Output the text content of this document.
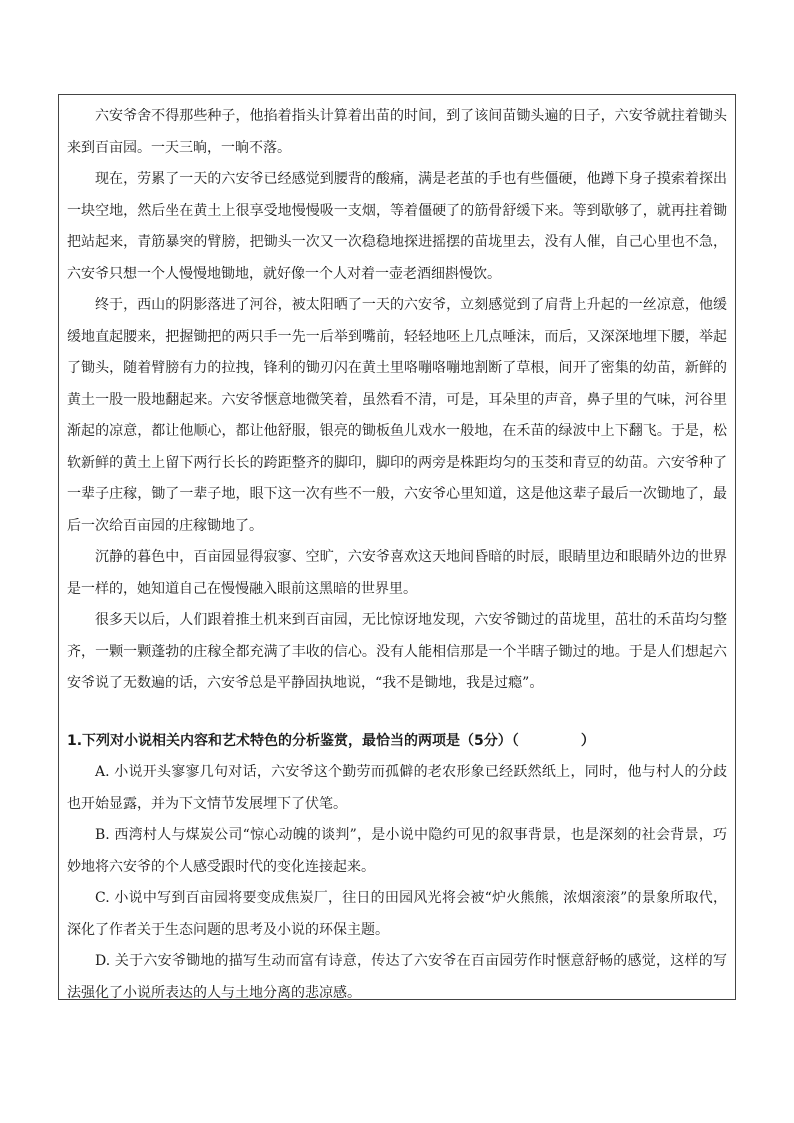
六安爷舍不得那些种子，他掐着指头计算着出苗的时间，到了该间苗锄头遍的日子，六安爷就拄着锄头来到百亩园。一天三晌，一晌不落。

现在，劳累了一天的六安爷已经感觉到腰背的酸痛，满是老茧的手也有些僵硬，他蹲下身子摸索着探出一块空地，然后坐在黄土上很享受地慢慢吸一支烟，等着僵硬了的筋骨舒缓下来。等到歇够了，就再拄着锄把站起来，青筋暴突的臂膀，把锄头一次又一次稳稳地探进摇摆的苗垅里去，没有人催，自己心里也不急，六安爷只想一个人慢慢地锄地，就好像一个人对着一壶老酒细斟慢饮。

终于，西山的阴影落进了河谷，被太阳晒了一天的六安爷，立刻感觉到了肩背上升起的一丝凉意，他缓缓地直起腰来，把握锄把的两只手一先一后举到嘴前，轻轻地呸上几点唾沫，而后，又深深地埋下腰，举起了锄头，随着臂膀有力的拉拽，锋利的锄刃闪在黄土里咯嘣咯嘣地割断了草根，间开了密集的幼苗，新鲜的黄土一股一股地翻起来。六安爷惬意地微笑着，虽然看不清，可是，耳朵里的声音，鼻子里的气味，河谷里渐起的凉意，都让他顺心，都让他舒服，银亮的锄板鱼儿戏水一般地，在禾苗的绿波中上下翻飞。于是，松软新鲜的黄土上留下两行长长的跨距整齐的脚印，脚印的两旁是株距均匀的玉茭和青豆的幼苗。六安爷种了一辈子庄稼，锄了一辈子地，眼下这一次有些不一般，六安爷心里知道，这是他这辈子最后一次锄地了，最后一次给百亩园的庄稼锄地了。

沉静的暮色中，百亩园显得寂寥、空旷，六安爷喜欢这天地间昏暗的时辰，眼睛里边和眼睛外边的世界是一样的，她知道自己在慢慢融入眼前这黑暗的世界里。

很多天以后，人们跟着推土机来到百亩园，无比惊讶地发现，六安爷锄过的苗垅里，茁壮的禾苗均匀整齐，一颗一颗蓬勃的庄稼全都充满了丰收的信心。没有人能相信那是一个半瞎子锄过的地。于是人们想起六安爷说了无数遍的话，六安爷总是平静固执地说，“我不是锄地，我是过瘾”。

1.下列对小说相关内容和艺术特色的分析鉴赏，最恰当的两项是（5分）（	）

A. 小说开头寥寥几句对话，六安爷这个勤劳而孤僻的老农形象已经跃然纸上，同时，他与村人的分歧也开始显露，并为下文情节发展埋下了伏笔。

B. 西湾村人与煤炭公司“惊心动魄的谈判”，是小说中隐约可见的叙事背景，也是深刻的社会背景，巧妙地将六安爷的个人感受跟时代的变化连接起来。

C. 小说中写到百亩园将要变成焦炭厂，往日的田园风光将会被“炉火熊熊，浓烟滚滚”的景象所取代，深化了作者关于生态问题的思考及小说的环保主题。

D. 关于六安爷锄地的描写生动而富有诗意，传达了六安爷在百亩园劳作时惬意舒畅的感觉，这样的写法强化了小说所表达的人与土地分离的悲凉感。
